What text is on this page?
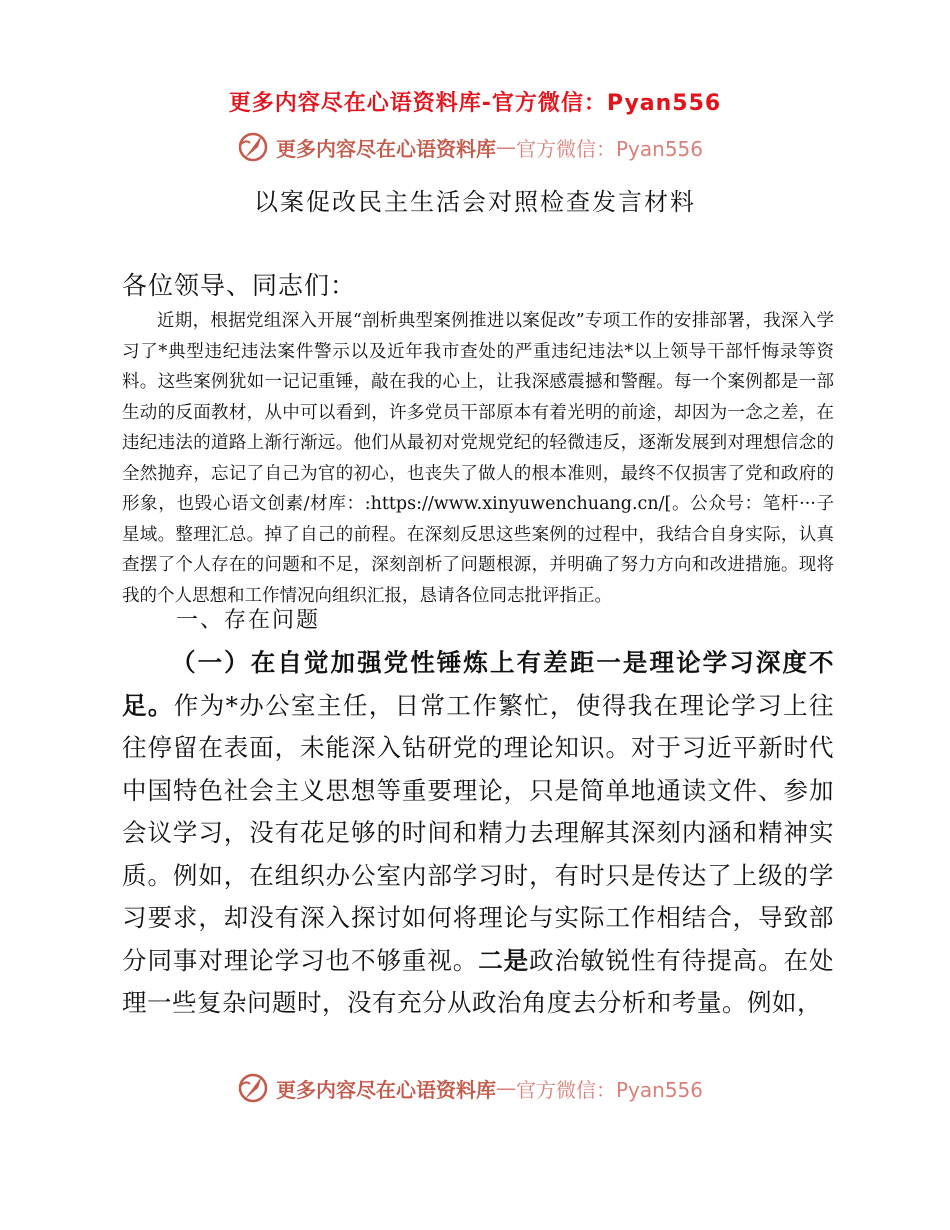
更多内容尽在心语资料库-官方微信：Pyan556
更多内容尽在心语资料库 — 官方微信：Pyan556
以案促改民主生活会对照检查发言材料
各位领导、同志们：

近期，根据党组深入开展“剖析典型案例推进以案促改”专项工作的安排部署，我深入学习了*典型违纪违法案件警示以及近年我市查处的严重违纪违法*以上领导干部忏悔录等资料。这些案例犹如一记记重锤，敲在我的心上，让我深感震撼和警醒。每一个案例都是一部生动的反面教材，从中可以看到，许多党员干部原本有着光明的前途，却因为一念之差，在违纪违法的道路上渐行渐远。他们从最初对党规党纪的轻微违反，逐渐发展到对理想信念的全然抛弃，忘记了自己为官的初心，也丧失了做人的根本准则，最终不仅损害了党和政府的形象，也毁心语文创素/材库：:https://www.xinyuwenchuang.cn/[。公众号：笔杆···子星域。整理汇总。掉了自己的前程。在深刻反思这些案例的过程中，我结合自身实际，认真查摆了个人存在的问题和不足，深刻剖析了问题根源，并明确了努力方向和改进措施。现将我的个人思想和工作情况向组织汇报，恳请各位同志批评指正。

一、存在问题

（一）在自觉加强党性锤炼上有差距一是理论学习深度不足。作为*办公室主任，日常工作繁忙，使得我在理论学习上往往停留在表面，未能深入钻研党的理论知识。对于习近平新时代中国特色社会主义思想等重要理论，只是简单地通读文件、参加会议学习，没有花足够的时间和精力去理解其深刻内涵和精神实质。例如，在组织办公室内部学习时，有时只是传达了上级的学习要求，却没有深入探讨如何将理论与实际工作相结合，导致部分同事对理论学习也不够重视。二是政治敏锐性有待提高。在处理一些复杂问题时，没有充分从政治角度去分析和考量。例如，

更多内容尽在心语资料库 — 官方微信：Pyan556
